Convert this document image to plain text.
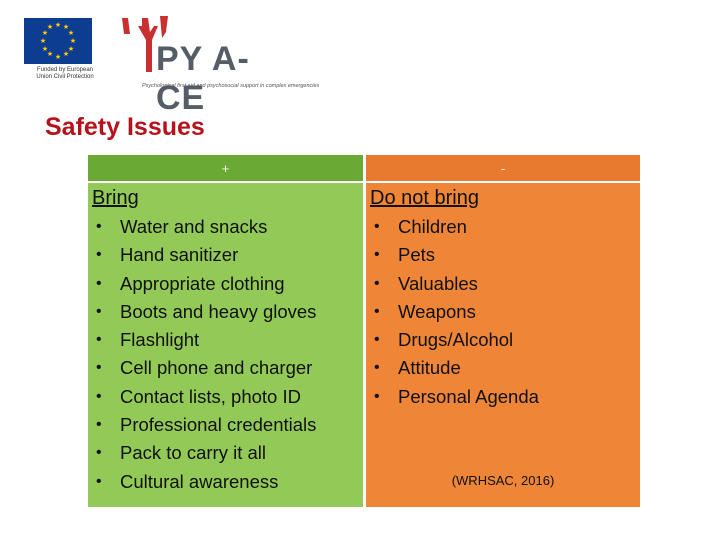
★ ★
★
★
★
★
★
★
★
★
★
★
Funded by European Union Civil Protection PY A-CE
Psychological first aid and psychosocial support in complex emergencies
Safety Issues
+	-
Bring
• Water and snacks
• Hand sanitizer
• Appropriate clothing
• Boots and heavy gloves
• Flashlight
• Cell phone and charger
• Contact lists, photo ID
• Professional credentials
• Pack to carry it all
• Cultural awareness
Do not bring
• Children
• Pets
• Valuables
• Weapons
• Drugs/Alcohol
• Attitude
• Personal Agenda
(WRHSAC, 2016)
